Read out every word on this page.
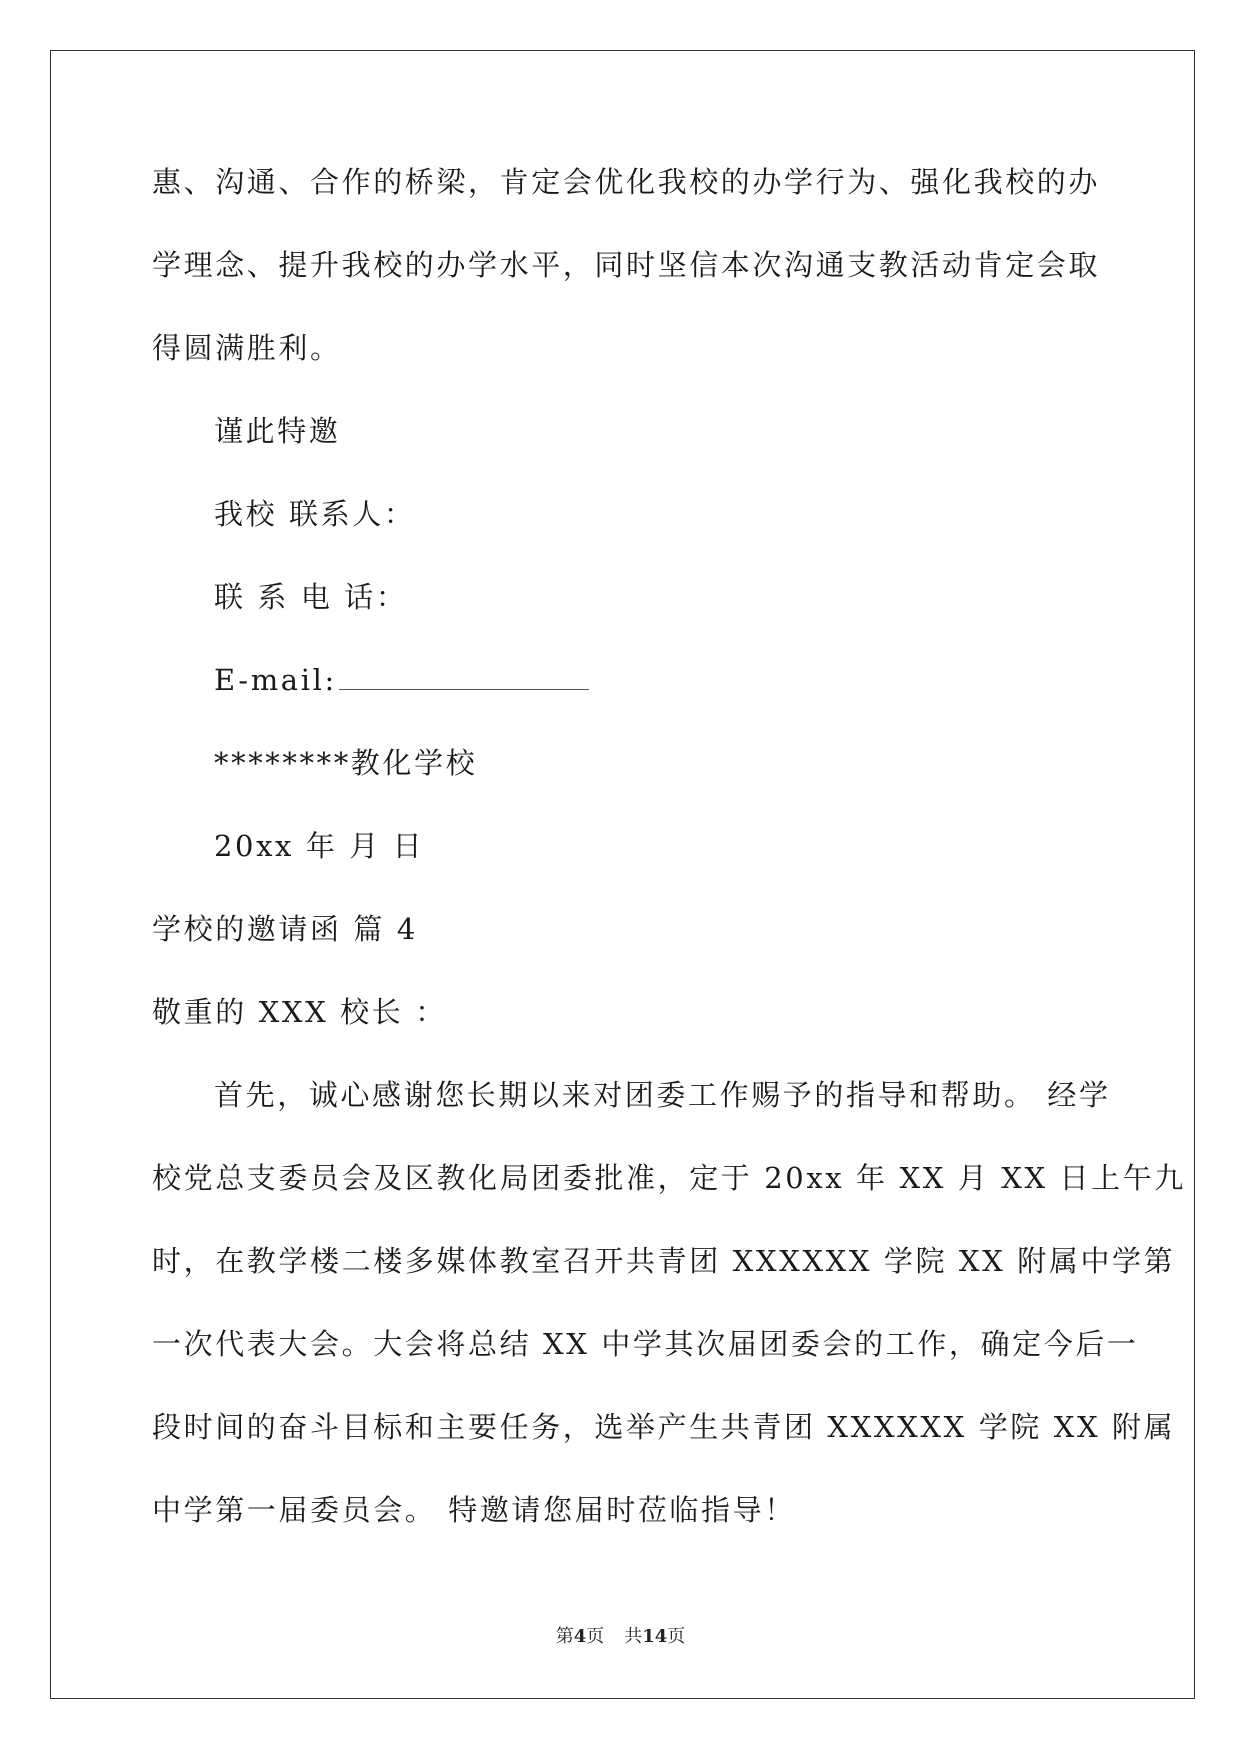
惠、沟通、合作的桥梁，肯定会优化我校的办学行为、强化我校的办
学理念、提升我校的办学水平，同时坚信本次沟通支教活动肯定会取
得圆满胜利。
谨此特邀
我校 联系人：
联 系 电 话：
E-mail:
********教化学校
20xx 年 月 日
学校的邀请函 篇 4
敬重的 XXX 校长 ：
首先，诚心感谢您长期以来对团委工作赐予的指导和帮助。 经学
校党总支委员会及区教化局团委批准，定于 20xx 年 XX 月 XX 日上午九
时，在教学楼二楼多媒体教室召开共青团 XXXXXX 学院 XX 附属中学第
一次代表大会。大会将总结 XX 中学其次届团委会的工作，确定今后一
段时间的奋斗目标和主要任务，选举产生共青团 XXXXXX 学院 XX 附属
中学第一届委员会。 特邀请您届时莅临指导！
第4页 共14页
